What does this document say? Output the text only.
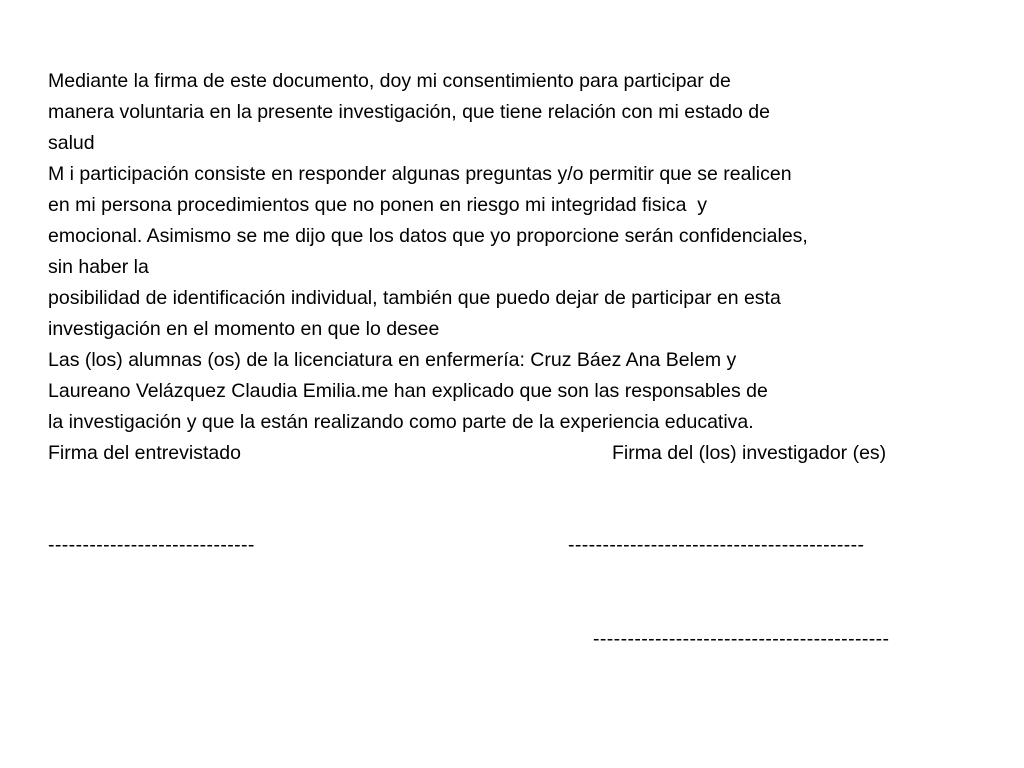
Mediante la firma de este documento, doy mi consentimiento para participar de
manera voluntaria en la presente investigación, que tiene relación con mi estado de
salud
M i participación consiste en responder algunas preguntas y/o permitir que se realicen
en mi persona procedimientos que no ponen en riesgo mi integridad fisica  y
emocional. Asimismo se me dijo que los datos que yo proporcione serán confidenciales,
sin haber la
posibilidad de identificación individual, también que puedo dejar de participar en esta
investigación en el momento en que lo desee
Las (los) alumnas (os) de la licenciatura en enfermería: Cruz Báez Ana Belem y
Laureano Velázquez Claudia Emilia.me han explicado que son las responsables de
la investigación y que la están realizando como parte de la experiencia educativa.
Firma del entrevistado	Firma del (los) investigador (es)
------------------------------	-------------------------------------------
-------------------------------------------
